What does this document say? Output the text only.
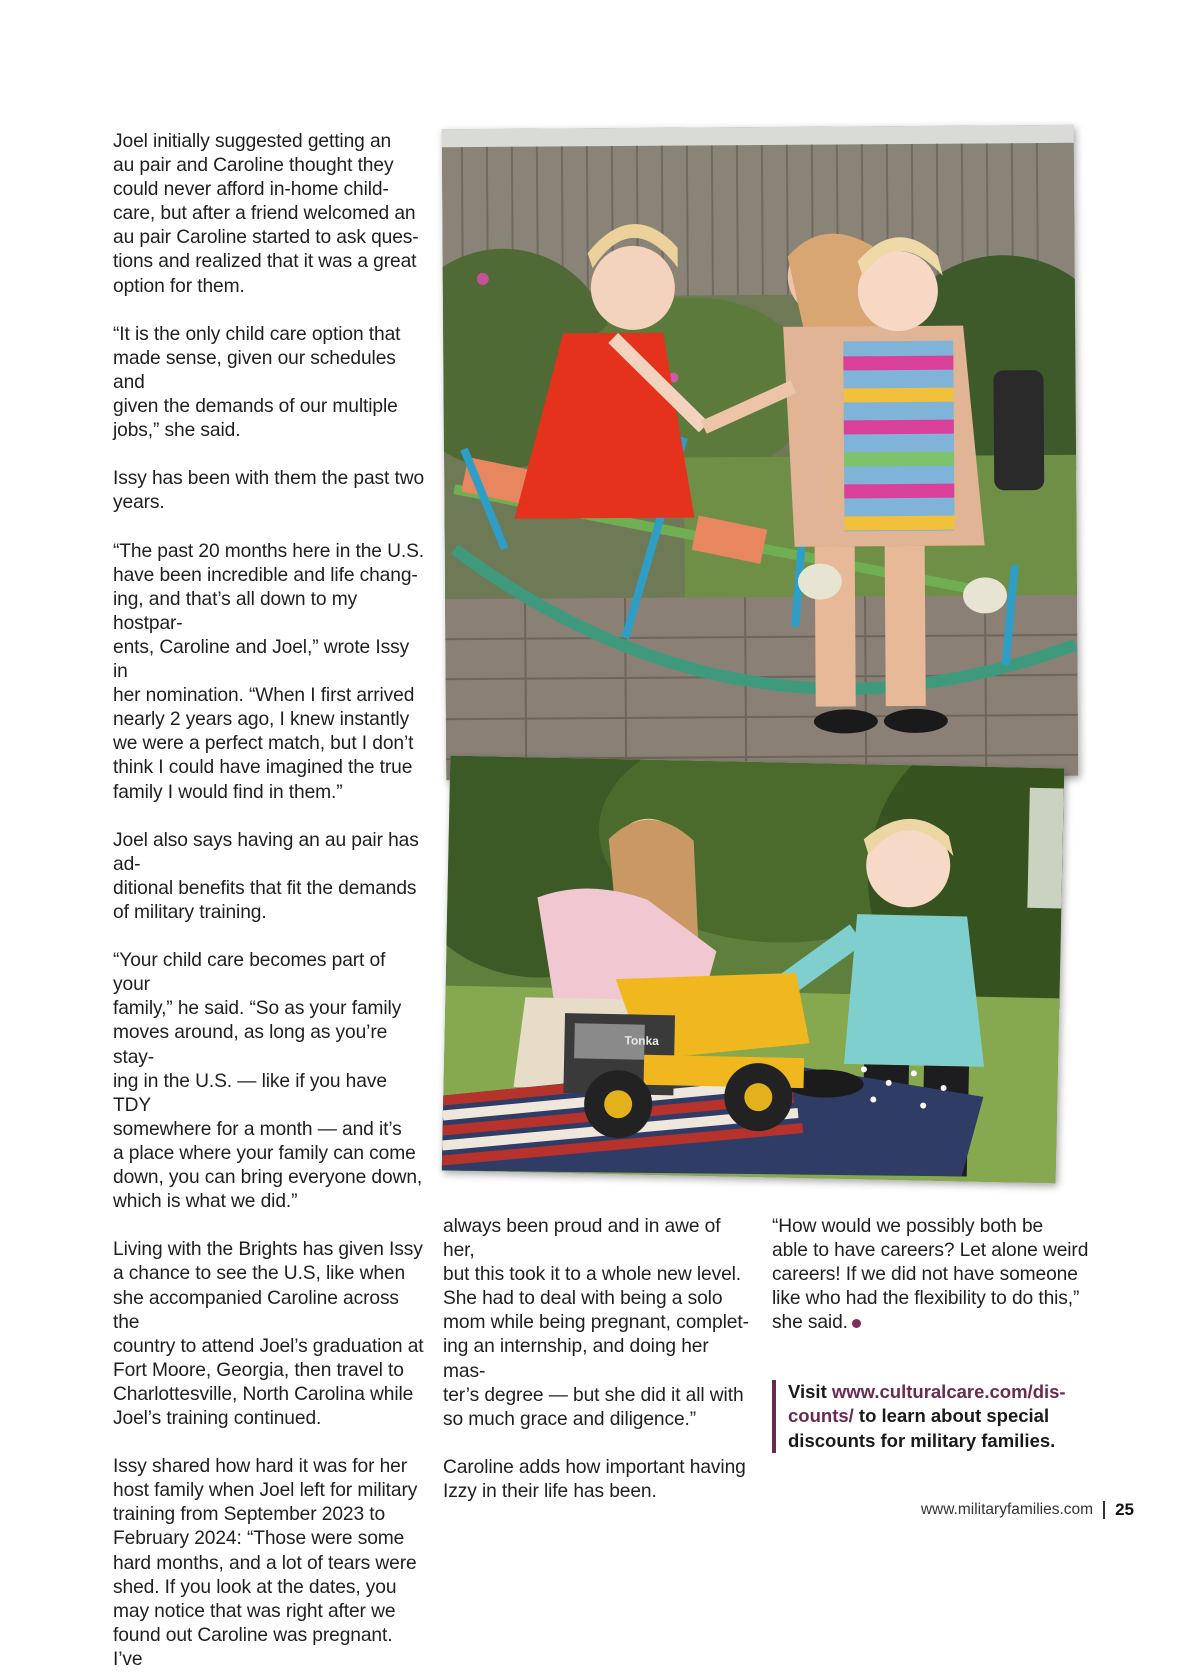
Joel initially suggested getting an
au pair and Caroline thought they
could never afford in-home child-
care, but after a friend welcomed an
au pair Caroline started to ask ques-
tions and realized that it was a great
option for them.

“It is the only child care option that
made sense, given our schedules and
given the demands of our multiple
jobs,” she said.

Issy has been with them the past two
years.

“The past 20 months here in the U.S.
have been incredible and life chang-
ing, and that’s all down to my hostpar-
ents, Caroline and Joel,” wrote Issy in
her nomination. “When I first arrived
nearly 2 years ago, I knew instantly
we were a perfect match, but I don’t
think I could have imagined the true
family I would find in them.”

Joel also says having an au pair has ad-
ditional benefits that fit the demands
of military training.

“Your child care becomes part of your
family,” he said. “So as your family
moves around, as long as you’re stay-
ing in the U.S. — like if you have TDY
somewhere for a month — and it’s
a place where your family can come
down, you can bring everyone down,
which is what we did.”

Living with the Brights has given Issy
a chance to see the U.S, like when
she accompanied Caroline across the
country to attend Joel’s graduation at
Fort Moore, Georgia, then travel to
Charlottesville, North Carolina while
Joel’s training continued.

Issy shared how hard it was for her
host family when Joel left for military
training from September 2023 to
February 2024: “Those were some
hard months, and a lot of tears were
shed. If you look at the dates, you
may notice that was right after we
found out Caroline was pregnant. I’ve

always been proud and in awe of her,
but this took it to a whole new level.
She had to deal with being a solo
mom while being pregnant, complet-
ing an internship, and doing her mas-
ter’s degree — but she did it all with
so much grace and diligence.”

Caroline adds how important having
Izzy in their life has been.

“How would we possibly both be
able to have careers? Let alone weird
careers! If we did not have someone
like who had the flexibility to do this,”
she said.

Visit www.culturalcare.com/dis-
counts/ to learn about special
discounts for military families.
Tonka
www.militaryfamilies.com 25
